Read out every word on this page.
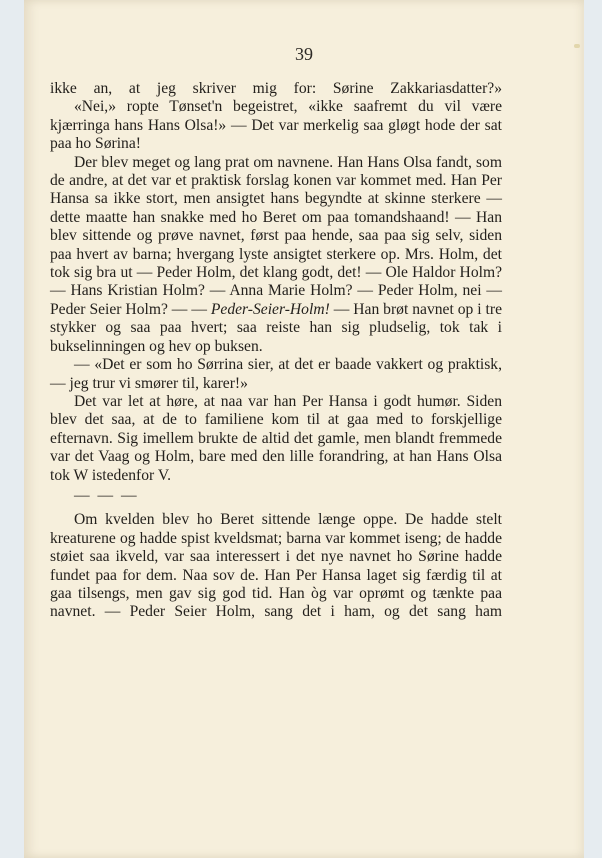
39

ikke an, at jeg skriver mig for: Sørine Zakkariasdatter?»

«Nei,» ropte Tønset'n begeistret, «ikke saafremt du vil være kjærringa hans Hans Olsa!» — Det var merkelig saa gløgt hode der sat paa ho Sørina!

Der blev meget og lang prat om navnene. Han Hans Olsa fandt, som de andre, at det var et praktisk forslag konen var kommet med. Han Per Hansa sa ikke stort, men ansigtet hans begyndte at skinne sterkere — dette maatte han snakke med ho Beret om paa tomandshaand! — Han blev sittende og prøve navnet, først paa hende, saa paa sig selv, siden paa hvert av barna; hvergang lyste ansigtet sterkere op. Mrs. Holm, det tok sig bra ut — Peder Holm, det klang godt, det! — Ole Haldor Holm? — Hans Kristian Holm? — Anna Marie Holm? — Peder Holm, nei — Peder Seier Holm? — — Peder-Seier-Holm! — Han brøt navnet op i tre stykker og saa paa hvert; saa reiste han sig pludselig, tok tak i bukselinningen og hev op buksen.

— «Det er som ho Sørrina sier, at det er baade vakkert og praktisk, — jeg trur vi smører til, karer!»

Det var let at høre, at naa var han Per Hansa i godt humør. Siden blev det saa, at de to familiene kom til at gaa med to forskjellige efternavn. Sig imellem brukte de altid det gamle, men blandt fremmede var det Vaag og Holm, bare med den lille forandring, at han Hans Olsa tok W istedenfor V.

— — —

Om kvelden blev ho Beret sittende længe oppe. De hadde stelt kreaturene og hadde spist kveldsmat; barna var kommet iseng; de hadde støiet saa ikveld, var saa interessert i det nye navnet ho Sørine hadde fundet paa for dem. Naa sov de. Han Per Hansa laget sig færdig til at gaa tilsengs, men gav sig god tid. Han òg var oprømt og tænkte paa navnet. — Peder Seier Holm, sang det i ham, og det sang ham
